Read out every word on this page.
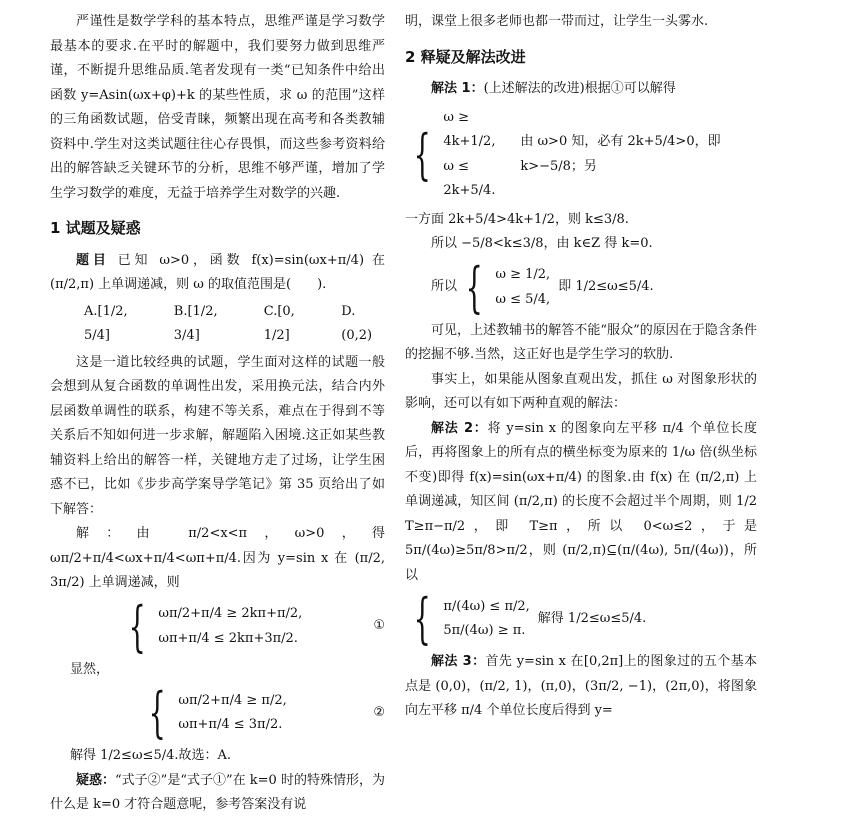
严谨性是数学学科的基本特点，思维严谨是学习数学最基本的要求.在平时的解题中，我们要努力做到思维严谨，不断提升思维品质.笔者发现有一类“已知条件中给出函数 y=Asin(ωx+φ)+k 的某些性质，求 ω 的范围”这样的三角函数试题，倍受青睐，频繁出现在高考和各类教辅资料中.学生对这类试题往往心存畏惧，而这些参考资料给出的解答缺乏关键环节的分析，思维不够严谨，增加了学生学习数学的难度，无益于培养学生对数学的兴趣.

1 试题及疑惑

题目 已知 ω>0，函数 f(x)=sin(ωx+π/4) 在 (π/2,π) 上单调递减，则 ω 的取值范围是(　　).

A.[1/2, 5/4]
B.[1/2, 3/4]
C.[0, 1/2]
D.(0,2)

这是一道比较经典的试题，学生面对这样的试题一般会想到从复合函数的单调性出发，采用换元法，结合内外层函数单调性的联系，构建不等关系，难点在于得到不等关系后不知如何进一步求解，解题陷入困境.这正如某些教辅资料上给出的解答一样，关键地方走了过场，让学生困惑不已，比如《步步高学案导学笔记》第 35 页给出了如下解答：

解：由 π/2<x<π，ω>0，得 ωπ/2+π/4<ωx+π/4<ωπ+π/4.因为 y=sin x 在 (π/2, 3π/2) 上单调递减，则

{ ωπ/2+π/4 ≥ 2kπ+π/2,
ωπ+π/4 ≤ 2kπ+3π/2.
①

显然，

{ ωπ/2+π/4 ≥ π/2,
ωπ+π/4 ≤ 3π/2.
②

解得 1/2≤ω≤5/4.故选：A.

疑惑：“式子②”是“式子①”在 k=0 时的特殊情形，为什么是 k=0 才符合题意呢，参考答案没有说

明，课堂上很多老师也都一带而过，让学生一头雾水.

2 释疑及解法改进

解法 1：(上述解法的改进)根据①可以解得

{
ω ≥ 4k+1/2,
ω ≤ 2k+5/4.
由 ω>0 知，必有 2k+5/4>0，即 k>−5/8；另

一方面 2k+5/4>4k+1/2，则 k≤3/8.

所以 −5/8<k≤3/8，由 k∈Z 得 k=0.

所以 { ω ≥ 1/2,
ω ≤ 5/4,
即 1/2≤ω≤5/4.

可见，上述教辅书的解答不能“服众”的原因在于隐含条件的挖掘不够.当然，这正好也是学生学习的软肋.

事实上，如果能从图象直观出发，抓住 ω 对图象形状的影响，还可以有如下两种直观的解法：

解法 2：将 y=sin x 的图象向左平移 π/4 个单位长度后，再将图象上的所有点的横坐标变为原来的 1/ω 倍(纵坐标不变)即得 f(x)=sin(ωx+π/4) 的图象.由 f(x) 在 (π/2,π) 上单调递减，知区间 (π/2,π) 的长度不会超过半个周期，则 1/2 T≥π−π/2，即 T≥π，所以 0<ω≤2，于是 5π/(4ω)≥5π/8>π/2，则 (π/2,π)⊆(π/(4ω), 5π/(4ω))，所以

{ π/(4ω) ≤ π/2,
5π/(4ω) ≥ π.
解得 1/2≤ω≤5/4.

解法 3：首先 y=sin x 在[0,2π]上的图象过的五个基本点是 (0,0)，(π/2, 1)，(π,0)，(3π/2, −1)，(2π,0)，将图象向左平移 π/4 个单位长度后得到 y=
